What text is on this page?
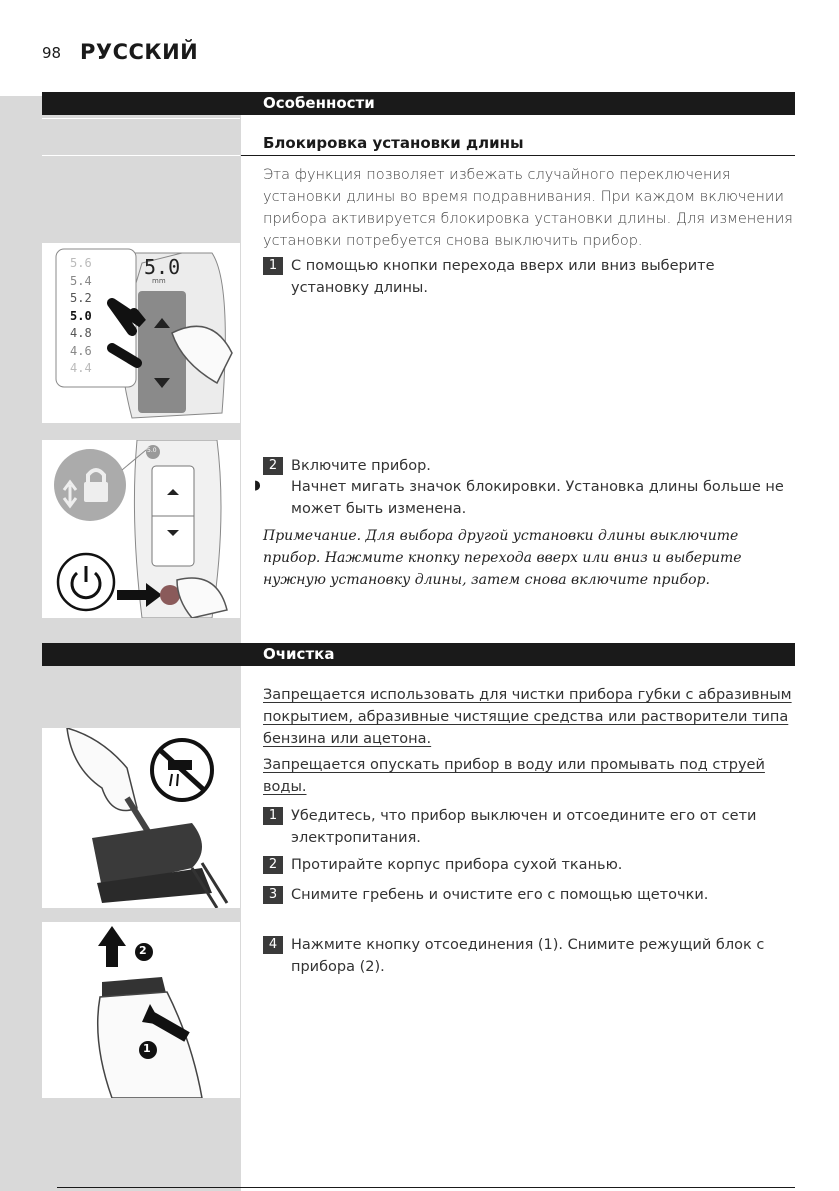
98 РУССКИЙ
Особенности
Блокировка установки длины
Эта функция позволяет избежать случайного переключения установки длины во время подравнивания. При каждом включении прибора активируется блокировка установки длины. Для изменения установки потребуется снова выключить прибор.
1 С помощью кнопки перехода вверх или вниз выберите установку длины.
5.6
5.4
5.2
5.0
4.8
4.6
4.4
5.0
mm
5.0
2 Включите прибор.
◗ Начнет мигать значок блокировки. Установка длины больше не может быть изменена.
Примечание. Для выбора другой установки длины выключите прибор. Нажмите кнопку перехода вверх или вниз и выберите нужную установку длины, затем снова включите прибор.
Очистка
Запрещается использовать для чистки прибора губки с абразивным покрытием, абразивные чистящие средства или растворители типа бензина или ацетона.
Запрещается опускать прибор в воду или промывать под струей воды.
1 Убедитесь, что прибор выключен и отсоедините его от сети электропитания.
2 Протирайте корпус прибора сухой тканью.
3 Снимите гребень и очистите его с помощью щеточки.
2
1
4 Нажмите кнопку отсоединения (1). Снимите режущий блок с прибора (2).
